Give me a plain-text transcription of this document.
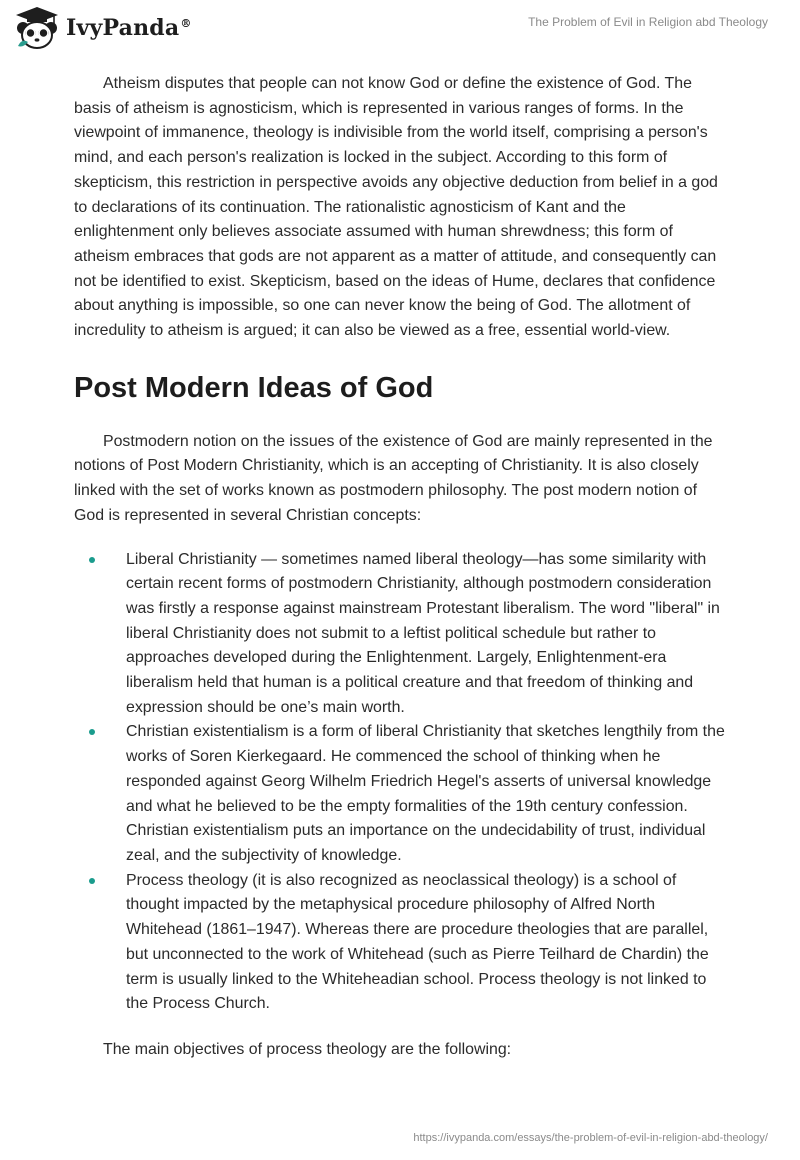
IvyPanda®	The Problem of Evil in Religion abd Theology

Atheism disputes that people can not know God or define the existence of God. The basis of atheism is agnosticism, which is represented in various ranges of forms. In the viewpoint of immanence, theology is indivisible from the world itself, comprising a person's mind, and each person's realization is locked in the subject. According to this form of skepticism, this restriction in perspective avoids any objective deduction from belief in a god to declarations of its continuation. The rationalistic agnosticism of Kant and the enlightenment only believes associate assumed with human shrewdness; this form of atheism embraces that gods are not apparent as a matter of attitude, and consequently can not be identified to exist. Skepticism, based on the ideas of Hume, declares that confidence about anything is impossible, so one can never know the being of God. The allotment of incredulity to atheism is argued; it can also be viewed as a free, essential world-view.

Post Modern Ideas of God

Postmodern notion on the issues of the existence of God are mainly represented in the notions of Post Modern Christianity, which is an accepting of Christianity. It is also closely linked with the set of works known as postmodern philosophy. The post modern notion of God is represented in several Christian concepts:

Liberal Christianity — sometimes named liberal theology—has some similarity with certain recent forms of postmodern Christianity, although postmodern consideration was firstly a response against mainstream Protestant liberalism. The word "liberal" in liberal Christianity does not submit to a leftist political schedule but rather to approaches developed during the Enlightenment. Largely, Enlightenment-era liberalism held that human is a political creature and that freedom of thinking and expression should be one’s main worth.
Christian existentialism is a form of liberal Christianity that sketches lengthily from the works of Soren Kierkegaard. He commenced the school of thinking when he responded against Georg Wilhelm Friedrich Hegel's asserts of universal knowledge and what he believed to be the empty formalities of the 19th century confession. Christian existentialism puts an importance on the undecidability of trust, individual zeal, and the subjectivity of knowledge.
Process theology (it is also recognized as neoclassical theology) is a school of thought impacted by the metaphysical procedure philosophy of Alfred North Whitehead (1861–1947). Whereas there are procedure theologies that are parallel, but unconnected to the work of Whitehead (such as Pierre Teilhard de Chardin) the term is usually linked to the Whiteheadian school. Process theology is not linked to the Process Church.

The main objectives of process theology are the following:

https://ivypanda.com/essays/the-problem-of-evil-in-religion-abd-theology/
